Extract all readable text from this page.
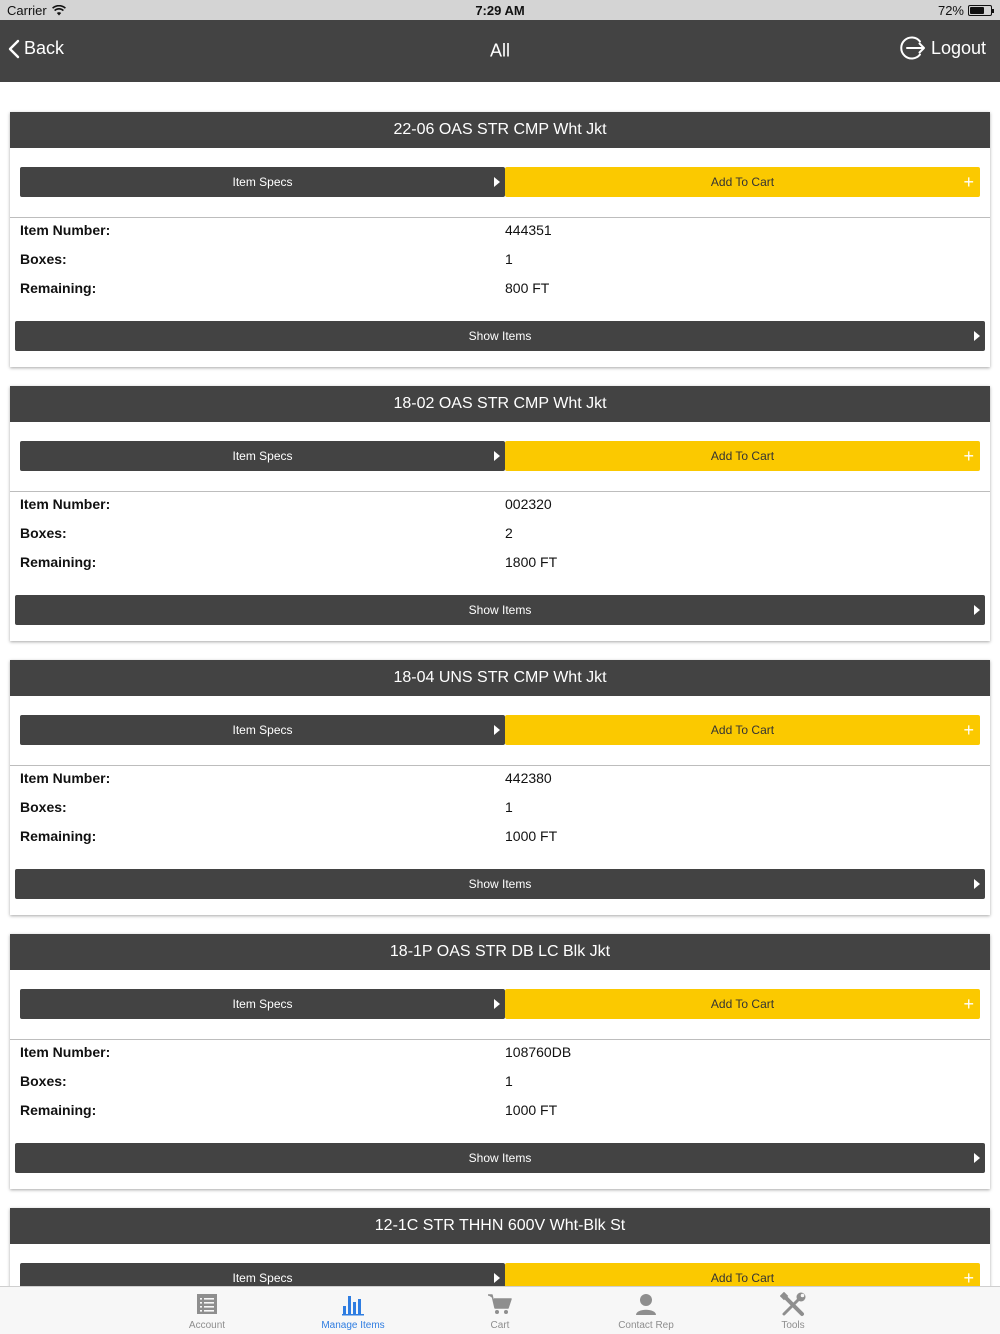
Carrier	7:29 AM	72%
Back	All	Logout
22-06 OAS STR CMP Wht Jkt
Item Specs	Add To Cart	+
Item Number:	444351
Boxes:	1
Remaining:	800 FT
Show Items
18-02 OAS STR CMP Wht Jkt
Item Specs	Add To Cart	+
Item Number:	002320
Boxes:	2
Remaining:	1800 FT
Show Items
18-04 UNS STR CMP Wht Jkt
Item Specs	Add To Cart	+
Item Number:	442380
Boxes:	1
Remaining:	1000 FT
Show Items
18-1P OAS STR DB LC Blk Jkt
Item Specs	Add To Cart	+
Item Number:	108760DB
Boxes:	1
Remaining:	1000 FT
Show Items
12-1C STR THHN 600V Wht-Blk St
Item Specs	Add To Cart	+
Account	Manage Items	Cart	Contact Rep	Tools
